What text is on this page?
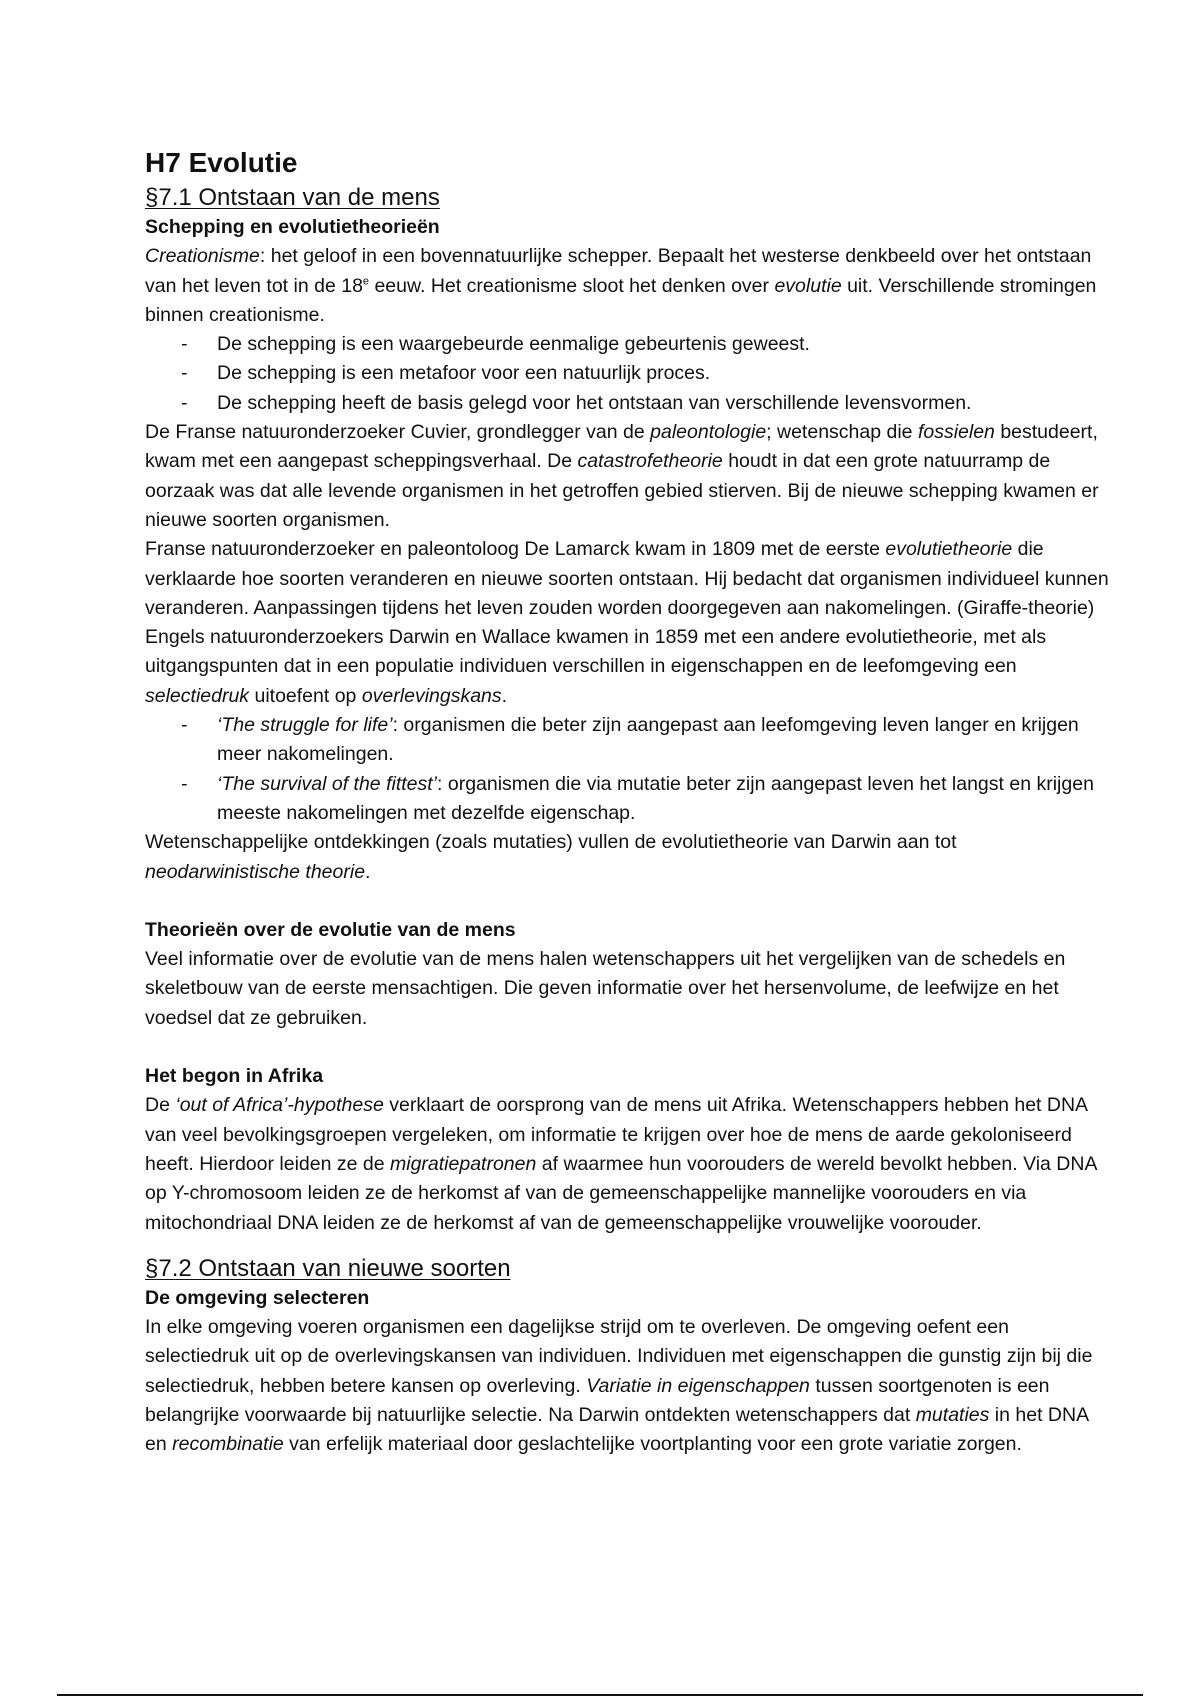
H7 Evolutie
§7.1 Ontstaan van de mens
Schepping en evolutietheorieën

Creationisme: het geloof in een bovennatuurlijke schepper. Bepaalt het westerse denkbeeld over het ontstaan van het leven tot in de 18e eeuw. Het creationisme sloot het denken over evolutie uit. Verschillende stromingen binnen creationisme.

- De schepping is een waargebeurde eenmalige gebeurtenis geweest.
- De schepping is een metafoor voor een natuurlijk proces.
- De schepping heeft de basis gelegd voor het ontstaan van verschillende levensvormen.

De Franse natuuronderzoeker Cuvier, grondlegger van de paleontologie; wetenschap die fossielen bestudeert, kwam met een aangepast scheppingsverhaal. De catastrofetheorie houdt in dat een grote natuurramp de oorzaak was dat alle levende organismen in het getroffen gebied stierven. Bij de nieuwe schepping kwamen er nieuwe soorten organismen.

Franse natuuronderzoeker en paleontoloog De Lamarck kwam in 1809 met de eerste evolutietheorie die verklaarde hoe soorten veranderen en nieuwe soorten ontstaan. Hij bedacht dat organismen individueel kunnen veranderen. Aanpassingen tijdens het leven zouden worden doorgegeven aan nakomelingen. (Giraffe-theorie)

Engels natuuronderzoekers Darwin en Wallace kwamen in 1859 met een andere evolutietheorie, met als uitgangspunten dat in een populatie individuen verschillen in eigenschappen en de leefomgeving een selectiedruk uitoefent op overlevingskans.

- ‘The struggle for life’: organismen die beter zijn aangepast aan leefomgeving leven langer en krijgen meer nakomelingen.
- ‘The survival of the fittest’: organismen die via mutatie beter zijn aangepast leven het langst en krijgen meeste nakomelingen met dezelfde eigenschap.

Wetenschappelijke ontdekkingen (zoals mutaties) vullen de evolutietheorie van Darwin aan tot neodarwinistische theorie.

Theorieën over de evolutie van de mens

Veel informatie over de evolutie van de mens halen wetenschappers uit het vergelijken van de schedels en skeletbouw van de eerste mensachtigen. Die geven informatie over het hersenvolume, de leefwijze en het voedsel dat ze gebruiken.

Het begon in Afrika

De ‘out of Africa’-hypothese verklaart de oorsprong van de mens uit Afrika. Wetenschappers hebben het DNA van veel bevolkingsgroepen vergeleken, om informatie te krijgen over hoe de mens de aarde gekoloniseerd heeft. Hierdoor leiden ze de migratiepatronen af waarmee hun voorouders de wereld bevolkt hebben. Via DNA op Y-chromosoom leiden ze de herkomst af van de gemeenschappelijke mannelijke voorouders en via mitochondriaal DNA leiden ze de herkomst af van de gemeenschappelijke vrouwelijke voorouder.

§7.2 Ontstaan van nieuwe soorten
De omgeving selecteren

In elke omgeving voeren organismen een dagelijkse strijd om te overleven. De omgeving oefent een selectiedruk uit op de overlevingskansen van individuen. Individuen met eigenschappen die gunstig zijn bij die selectiedruk, hebben betere kansen op overleving. Variatie in eigenschappen tussen soortgenoten is een belangrijke voorwaarde bij natuurlijke selectie. Na Darwin ontdekten wetenschappers dat mutaties in het DNA en recombinatie van erfelijk materiaal door geslachtelijke voortplanting voor een grote variatie zorgen.
